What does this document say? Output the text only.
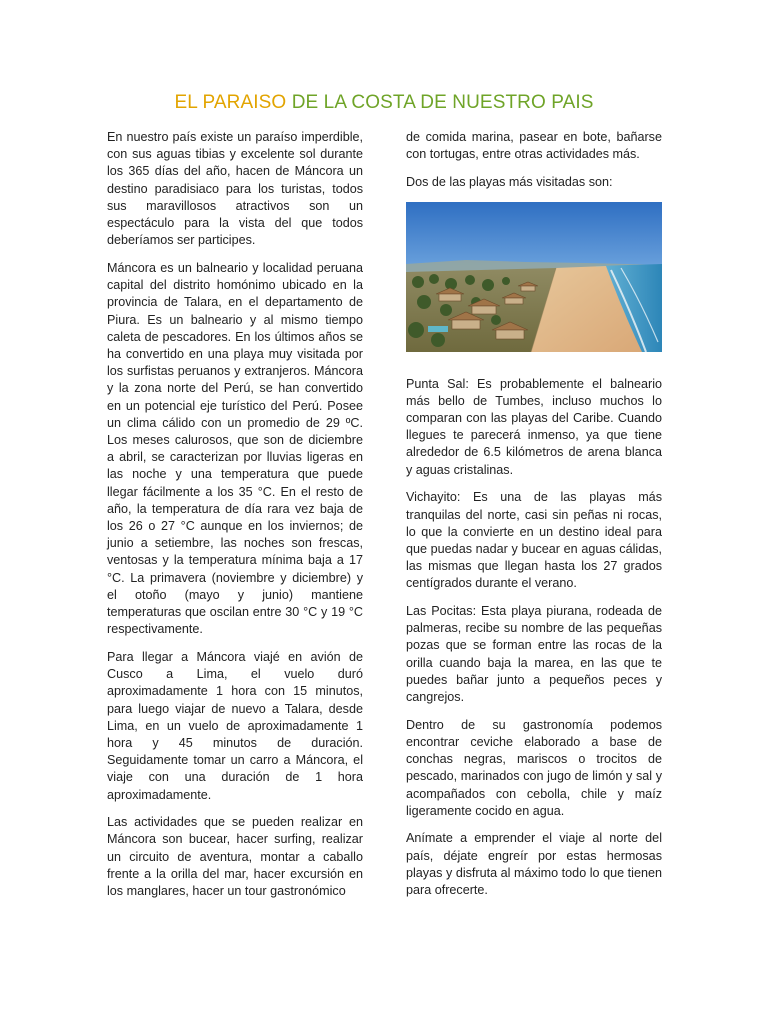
EL PARAISO DE LA COSTA DE NUESTRO PAIS

En nuestro país existe un paraíso imperdible, con sus aguas tibias y excelente sol durante los 365 días del año, hacen de Máncora un destino paradisiaco para los turistas, todos sus maravillosos atractivos son un espectáculo para la vista del que todos deberíamos ser participes.

Máncora es un balneario y localidad peruana capital del distrito homónimo ubicado en la provincia de Talara, en el departamento de Piura. Es un balneario y al mismo tiempo caleta de pescadores. En los últimos años se ha convertido en una playa muy visitada por los surfistas peruanos y extranjeros. Máncora y la zona norte del Perú, se han convertido en un potencial eje turístico del Perú. Posee un clima cálido con un promedio de 29 ºC. Los meses calurosos, que son de diciembre a abril, se caracterizan por lluvias ligeras en las noche y una temperatura que puede llegar fácilmente a los 35 °C. En el resto de año, la temperatura de día rara vez baja de los 26 o 27 °C aunque en los inviernos; de junio a setiembre, las noches son frescas, ventosas y la temperatura mínima baja a 17 °C. La primavera (noviembre y diciembre) y el otoño (mayo y junio) mantiene temperaturas que oscilan entre 30 °C y 19 °C respectivamente.

Para llegar a Máncora viajé en avión de Cusco a Lima, el vuelo duró aproximadamente 1 hora con 15 minutos, para luego viajar de nuevo a Talara, desde Lima, en un vuelo de aproximadamente 1 hora y 45 minutos de duración. Seguidamente tomar un carro a Máncora, el viaje con una duración de 1 hora aproximadamente.

Las actividades que se pueden realizar en Máncora son bucear, hacer surfing, realizar un circuito de aventura, montar a caballo frente a la orilla del mar, hacer excursión en los manglares, hacer un tour gastronómico

de comida marina, pasear en bote, bañarse con tortugas, entre otras actividades más.

Dos de las playas más visitadas son:

Punta Sal: Es probablemente el balneario más bello de Tumbes, incluso muchos lo comparan con las playas del Caribe. Cuando llegues te parecerá inmenso, ya que tiene alrededor de 6.5 kilómetros de arena blanca y aguas cristalinas.

Vichayito: Es una de las playas más tranquilas del norte, casi sin peñas ni rocas, lo que la convierte en un destino ideal para que puedas nadar y bucear en aguas cálidas, las mismas que llegan hasta los 27 grados centígrados durante el verano.

Las Pocitas: Esta playa piurana, rodeada de palmeras, recibe su nombre de las pequeñas pozas que se forman entre las rocas de la orilla cuando baja la marea, en las que te puedes bañar junto a pequeños peces y cangrejos.

Dentro de su gastronomía podemos encontrar ceviche elaborado a base de conchas negras, mariscos o trocitos de pescado, marinados con jugo de limón y sal y acompañados con cebolla, chile y maíz ligeramente cocido en agua.

Anímate a emprender el viaje al norte del país, déjate engreír por estas hermosas playas y disfruta al máximo todo lo que tienen para ofrecerte.
